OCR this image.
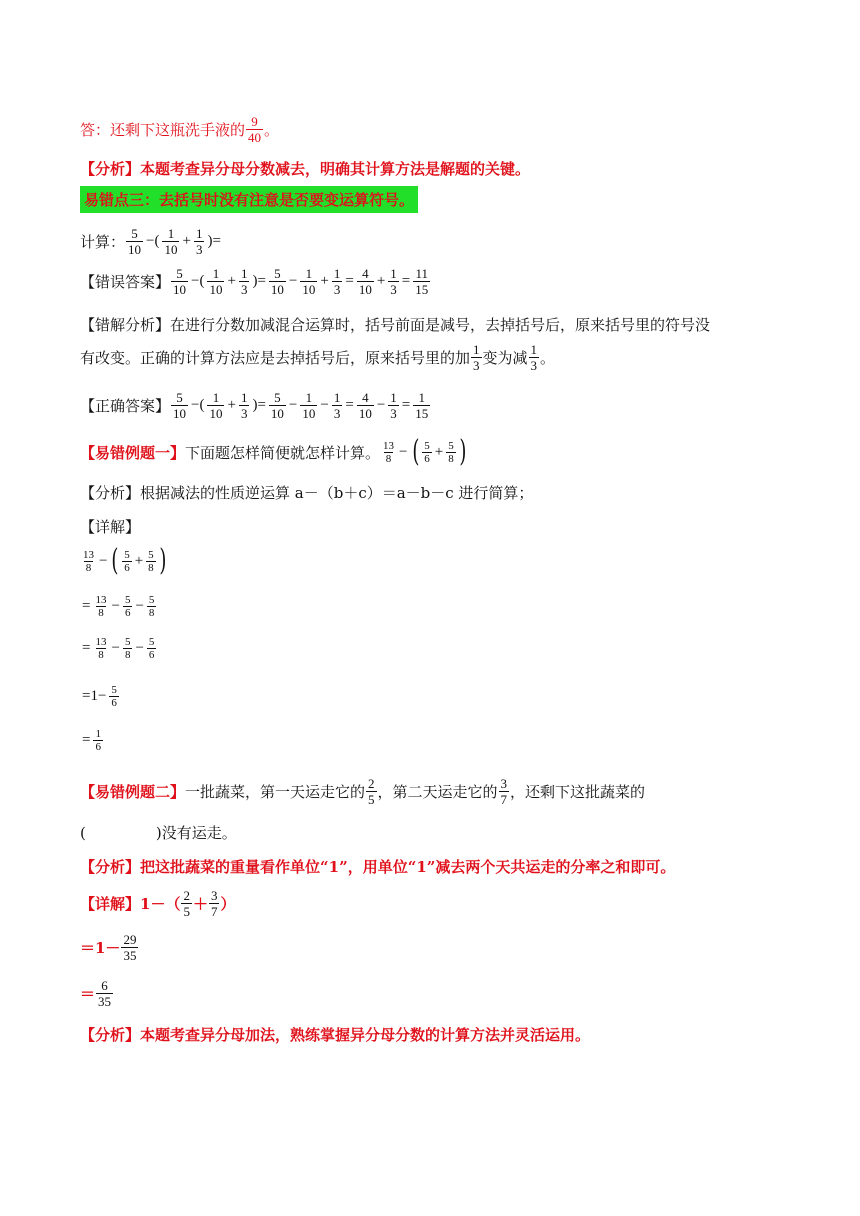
答：还剩下这瓶洗手液的 $\frac{9}{40}$ 。
【分析】 本题考查异分母分数减去，明确其计算方法是解题的关键。
易错点三：去括号时没有注意是否要变运算符号。
计算： $\frac{5}{10}$ −( $\frac{1}{10} + \frac{1}{3}$ )=
【错误答案】 $\frac{5}{10}$ −( $\frac{1}{10} + \frac{1}{3}$ )= $\frac{5}{10} - \frac{1}{10} + \frac{1}{3} = \frac{4}{10} + \frac{1}{3} = \frac{11}{15}$
【错解分析】在进行分数加减混合运算时，括号前面是减号，去掉括号后，原来括号里的符号没
有改变。正确的计算方法应是去掉括号后，原来括号里的加 $\frac{1}{3}$ 变为减 $\frac{1}{3}$ 。
【正确答案】 $\frac{5}{10}$ −( $\frac{1}{10} + \frac{1}{3}$ )= $\frac{5}{10} - \frac{1}{10} - \frac{1}{3} = \frac{4}{10} - \frac{1}{3} = \frac{1}{15}$
【易错例题一】 下面题怎样简便就怎样计算。 $\frac{13}{8}$ − ( $\frac{5}{6} + \frac{5}{8}$ )
【分析】根据减法的性质逆运算 a－（b＋c）＝a－b－c 进行简算；
【详解】
$\frac{13}{8}$ − ( $\frac{5}{6} + \frac{5}{8}$ )
= $\frac{13}{8} - \frac{5}{6} - \frac{5}{8}$
= $\frac{13}{8} - \frac{5}{8} - \frac{5}{6}$
$=1- \frac{5}{6}$
= $\frac{1}{6}$
【易错例题二】 一批蔬菜，第一天运走它的 $\frac{2}{5}$ ，第二天运走它的 $\frac{3}{7}$ ，还剩下这批蔬菜的
(	)没有运走。
【分析】把这批蔬菜的重量看作单位“1”，用单位“1”减去两个天共运走的分率之和即可。
【详解】 $1-( \frac{2}{5} + \frac{3}{7}$ ）
$=1- \frac{29}{35}$
＝ $\frac{6}{35}$
【分析】本题考查异分母加法，熟练掌握异分母分数的计算方法并灵活运用。
